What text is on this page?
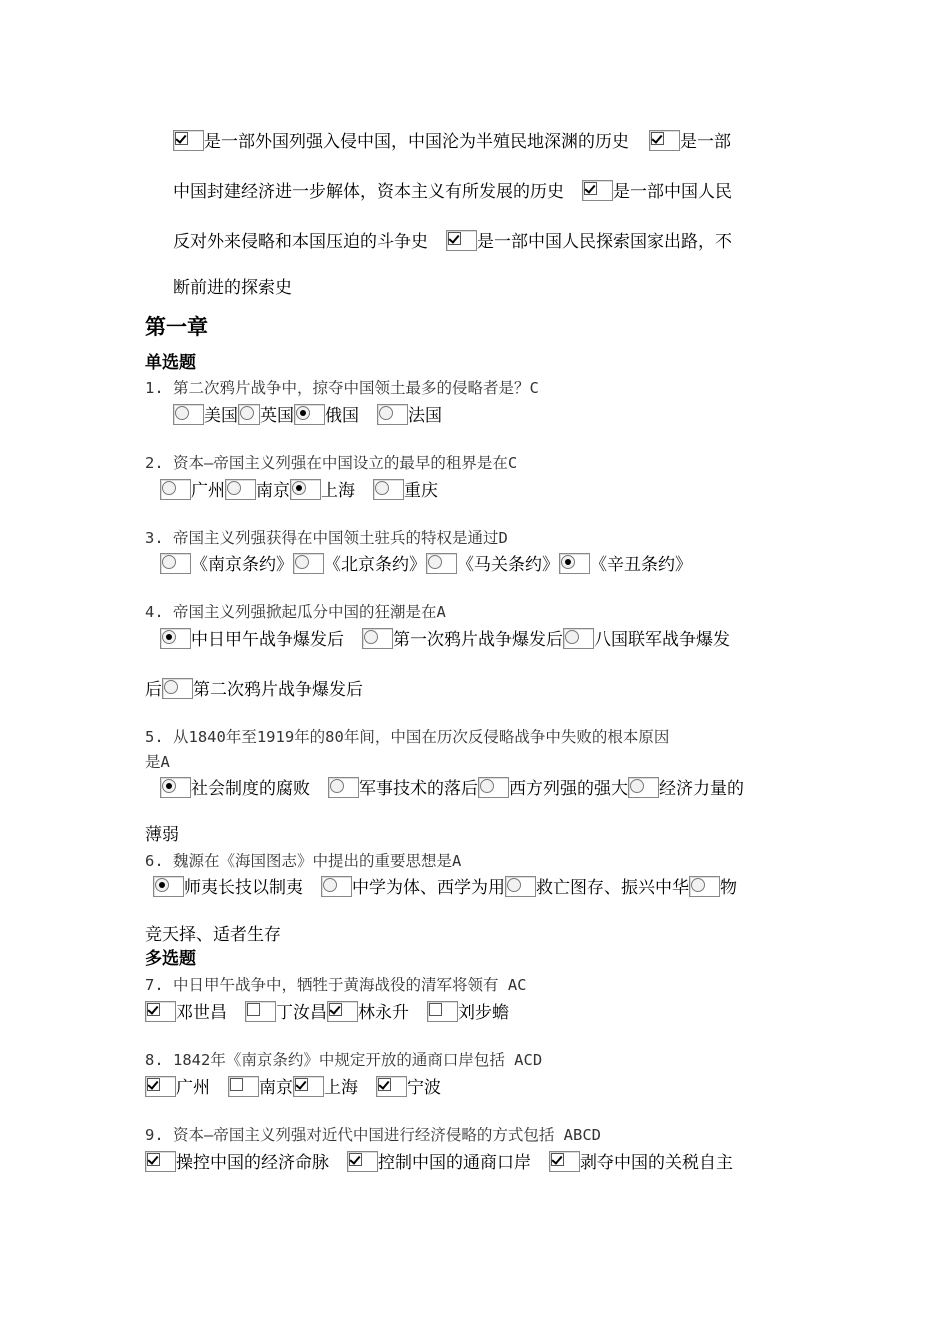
是一部外国列强入侵中国，中国沦为半殖民地深渊的历史	是一部
中国封建经济进一步解体，资本主义有所发展的历史	是一部中国人民
反对外来侵略和本国压迫的斗争史	是一部中国人民探索国家出路，不
断前进的探索史
第一章
单选题
1. 第二次鸦片战争中，掠夺中国领土最多的侵略者是？C
美国 英国 俄国	法国
2. 资本—帝国主义列强在中国设立的最早的租界是在C
广州 南京 上海	重庆
3. 帝国主义列强获得在中国领土驻兵的特权是通过D
《南京条约》 《北京条约》 《马关条约》 《辛丑条约》
4. 帝国主义列强掀起瓜分中国的狂潮是在A
中日甲午战争爆发后	第一次鸦片战争爆发后 八国联军战争爆发
后 第二次鸦片战争爆发后
5. 从1840年至1919年的80年间，中国在历次反侵略战争中失败的根本原因
是A
社会制度的腐败	军事技术的落后 西方列强的强大 经济力量的
薄弱
6. 魏源在《海国图志》中提出的重要思想是A
师夷长技以制夷	中学为体、西学为用 救亡图存、振兴中华 物
竞天择、适者生存
多选题
7. 中日甲午战争中，牺牲于黄海战役的清军将领有 AC
邓世昌	丁汝昌 林永升	刘步蟾
8. 1842年《南京条约》中规定开放的通商口岸包括 ACD
广州	南京 上海	宁波
9. 资本—帝国主义列强对近代中国进行经济侵略的方式包括 ABCD
操控中国的经济命脉	控制中国的通商口岸	剥夺中国的关税自主
